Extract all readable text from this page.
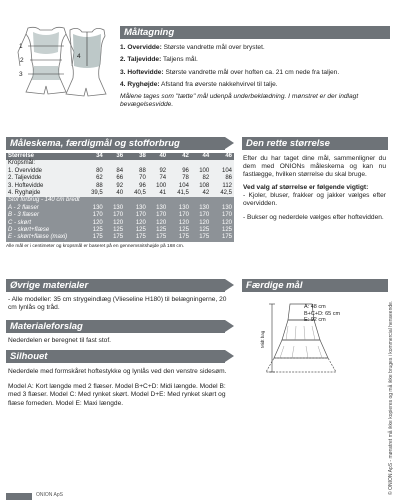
Måltagning
1
2
3
4

1. Overvidde: Største vandrette mål over brystet.

2. Taljevidde: Taljens mål.

3. Hoftevidde: Største vandrette mål over hoften ca. 21 cm nede fra taljen.

4. Ryghøjde: Afstand fra øverste nakkehvirvel til talje.

Målene tages som "tætte" mål udenpå underbeklædning. I mønstret er der indlagt bevægelsesvidde.

Måleskema, færdigmål og stofforbrug
Størrelse	34	36	38	40	42	44	46
Kropsmål:							
1. Overvidde	80	84	88	92	96	100	104
2. Taljevidde	62	66	70	74	78	82	86
3. Hoftevidde	88	92	96	100	104	108	112
4. Ryghøjde	39,5	40	40,5	41	41,5	42	42,5
Stof forbrug - 140 cm bredt							
A - 2 flæser	130	130	130	130	130	130	130
B - 3 flæser	170	170	170	170	170	170	170
C - skørt	120	120	120	120	120	120	120
D - skørt+flæse	125	125	125	125	125	125	125
E - skørt+flæse (maxi)	175	175	175	175	175	175	175
Alle mål er i centimeter og kropsmål er baseret på en gennemsnitshøjde på 168 cm.
Den rette størrelse
Efter du har taget dine mål, sammenligner du dem med ONIONs måleskema og kan nu fastlægge, hvilken størrelse du skal bruge.
Ved valg af størrelse er følgende vigtigt:
- Kjoler, bluser, frakker og jakker vælges efter overvidden.
- Bukser og nederdele vælges efter hoftevidden.
Øvrige materialer
- Alle modeller: 35 cm strygeindlæg (Vlieseline H180) til belægningerne, 20 cm lynlås og tråd.
Materialeforslag
Nederdelen er beregnet til fast stof.
Silhouet
Nederdele med formskåret hoftestykke og lynlås ved den venstre sidesøm.
Model A: Kort længde med 2 flæser. Model B+C+D: Midi længde. Model B: med 3 flæser. Model C: Med rynket skørt. Model D+E: Med rynket skørt og flæse forneden. Model E: Maxi længde.
Færdige mål
Midt bag
A: 48 cm
B+C+D: 65 cm
E: 92 cm	© ONION ApS - mønstret må ikke kopieres og må ikke bruges i kommercial henseende.
ONION ApS
